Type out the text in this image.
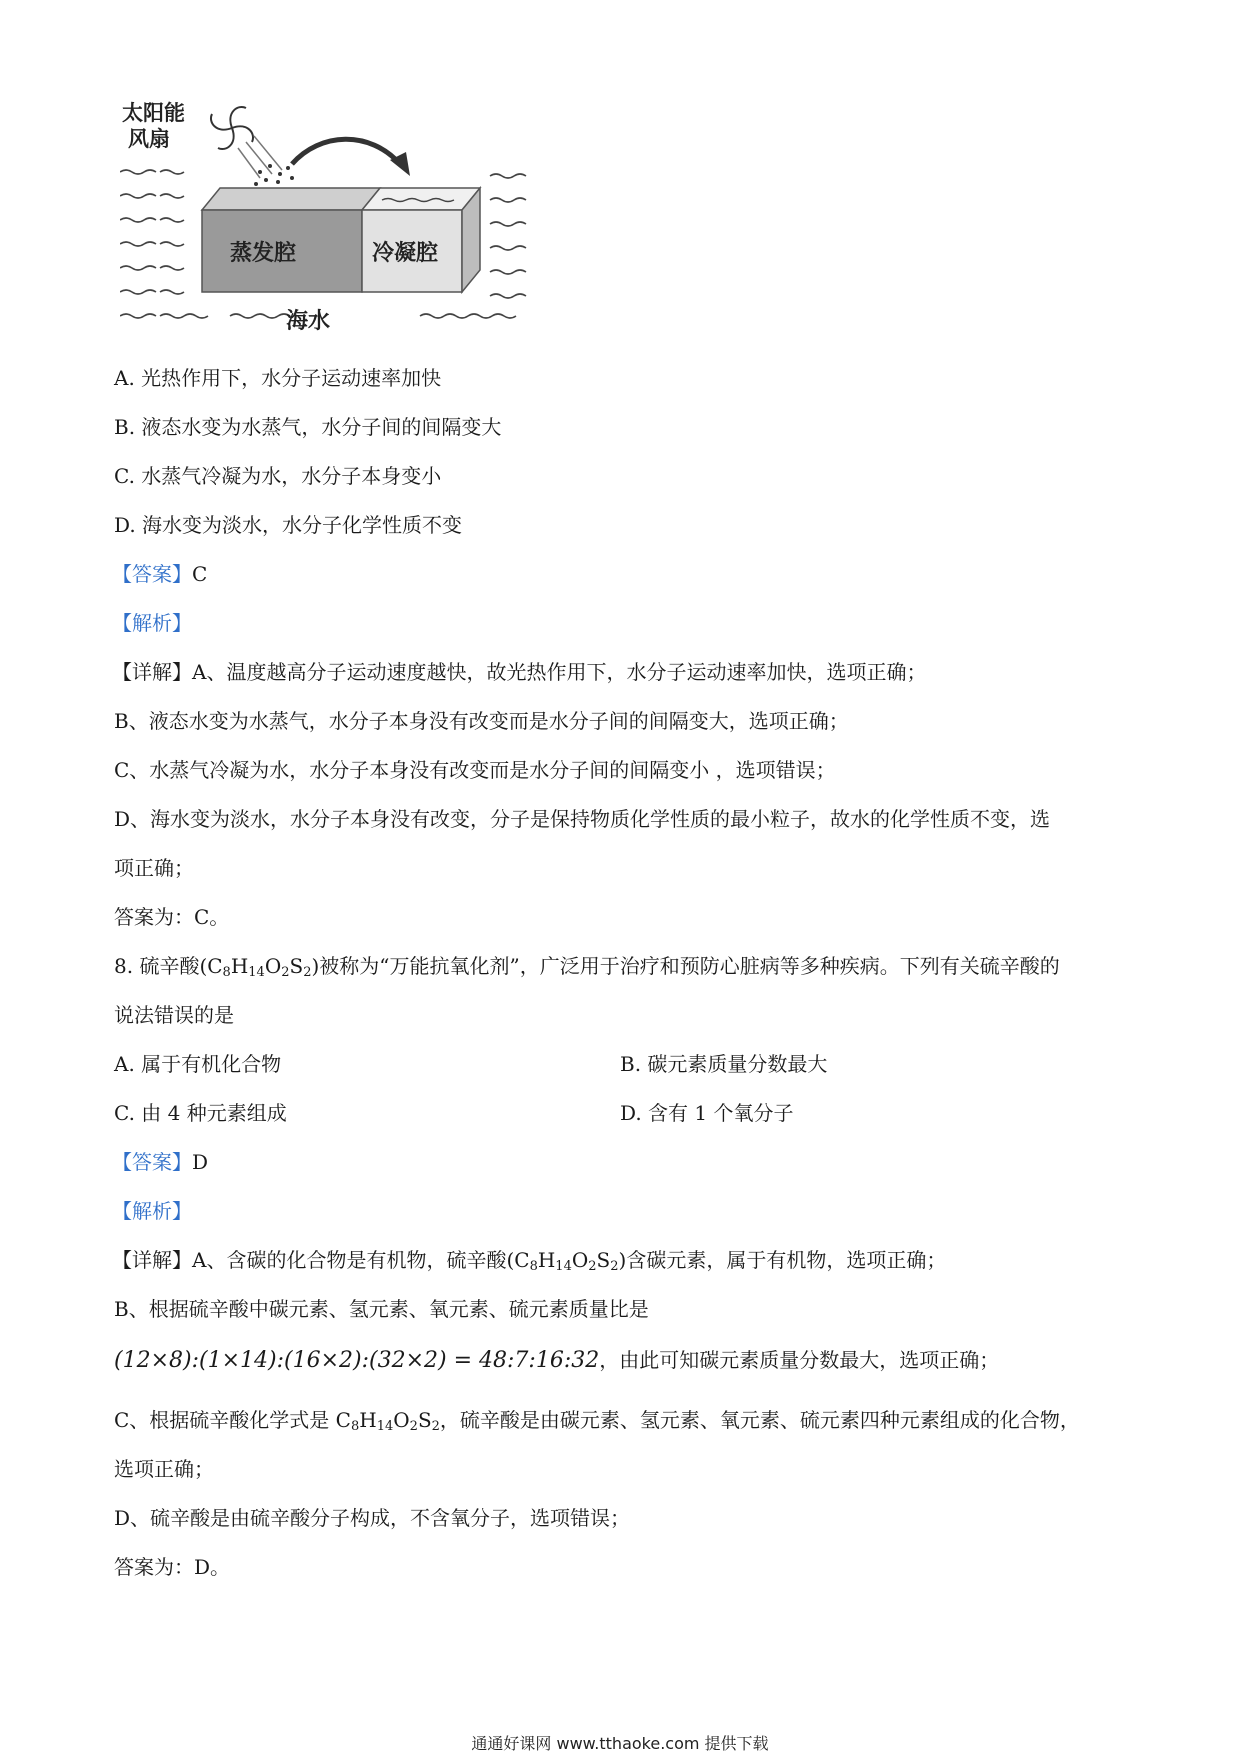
太阳能
风扇
蒸发腔	冷凝腔
海水
A. 光热作用下，水分子运动速率加快
B. 液态水变为水蒸气，水分子间的间隔变大
C. 水蒸气冷凝为水，水分子本身变小
D. 海水变为淡水，水分子化学性质不变
【答案】C
【解析】
【详解】A、温度越高分子运动速度越快，故光热作用下，水分子运动速率加快，选项正确；
B、液态水变为水蒸气，水分子本身没有改变而是水分子间的间隔变大，选项正确；
C、水蒸气冷凝为水，水分子本身没有改变而是水分子间的间隔变小 ，选项错误；
D、海水变为淡水，水分子本身没有改变，分子是保持物质化学性质的最小粒子，故水的化学性质不变，选
项正确；
答案为：C。
8. 硫辛酸$(C_8H_{14}O_2S_2)$被称为“万能抗氧化剂”，广泛用于治疗和预防心脏病等多种疾病。下列有关硫辛酸的
说法错误的是
A. 属于有机化合物	B. 碳元素质量分数最大
C. 由 4 种元素组成	D. 含有 1 个氧分子
【答案】D
【解析】
【详解】A、含碳的化合物是有机物，硫辛酸$(C_8H_{14}O_2S_2)$含碳元素，属于有机物，选项正确；
B、根据硫辛酸中碳元素、氢元素、氧元素、硫元素质量比是
(12×8):(1×14):(16×2):(32×2) = 48:7:16:32，由此可知碳元素质量分数最大，选项正确；
C、根据硫辛酸化学式是 $C_8H_{14}O_2S_2$，硫辛酸是由碳元素、氢元素、氧元素、硫元素四种元素组成的化合物，
选项正确；
D、硫辛酸是由硫辛酸分子构成，不含氧分子，选项错误；
答案为：D。
通通好课网 www.tthaoke.com 提供下载
